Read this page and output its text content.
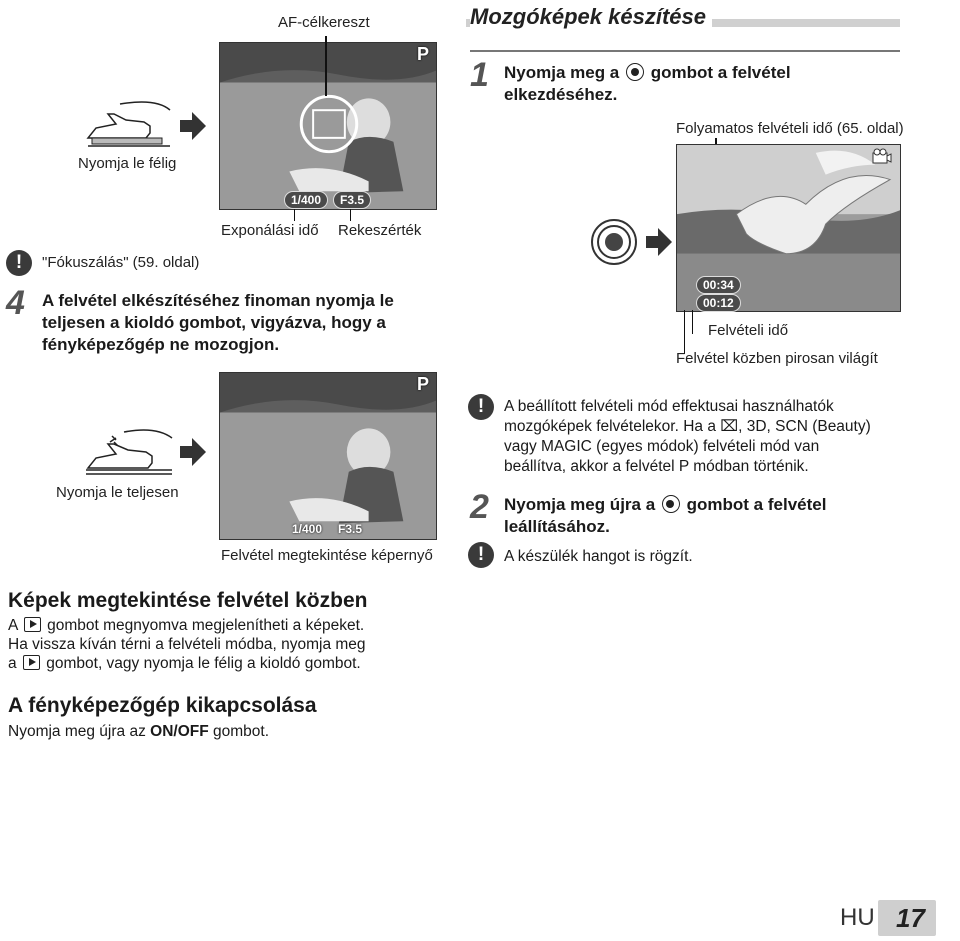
Mozgóképek készítése
AF-célkereszt
Nyomja le félig
P
1/400	F3.5
Exponálási idő Rekeszérték
!	"Fókuszálás" (59. oldal)
4 A felvétel elkészítéséhez finoman nyomja le teljesen a kioldó gombot, vigyázva, hogy a fényképezőgép ne mozogjon.
Nyomja le teljesen
P
1/400 F3.5
Felvétel megtekintése képernyő
1 Nyomja meg a gombot a felvétel elkezdéséhez.
Folyamatos felvételi idő (65. oldal)
00:34
00:12
Felvételi idő
Felvétel közben pirosan világít
!	A beállított felvételi mód effektusai használhatók mozgóképek felvételekor. Ha a ⌧, 3D, SCN (Beauty) vagy MAGIC (egyes módok) felvételi mód van beállítva, akkor a felvétel P módban történik.
2 Nyomja meg újra a gombot a felvétel leállításához.
!	A készülék hangot is rögzít.
Képek megtekintése felvétel közben
A gombot megnyomva megjelenítheti a képeket.
Ha vissza kíván térni a felvételi módba, nyomja meg
a gombot, vagy nyomja le félig a kioldó gombot.
A fényképezőgép kikapcsolása
Nyomja meg újra az ON/OFF gombot.
HU 17
